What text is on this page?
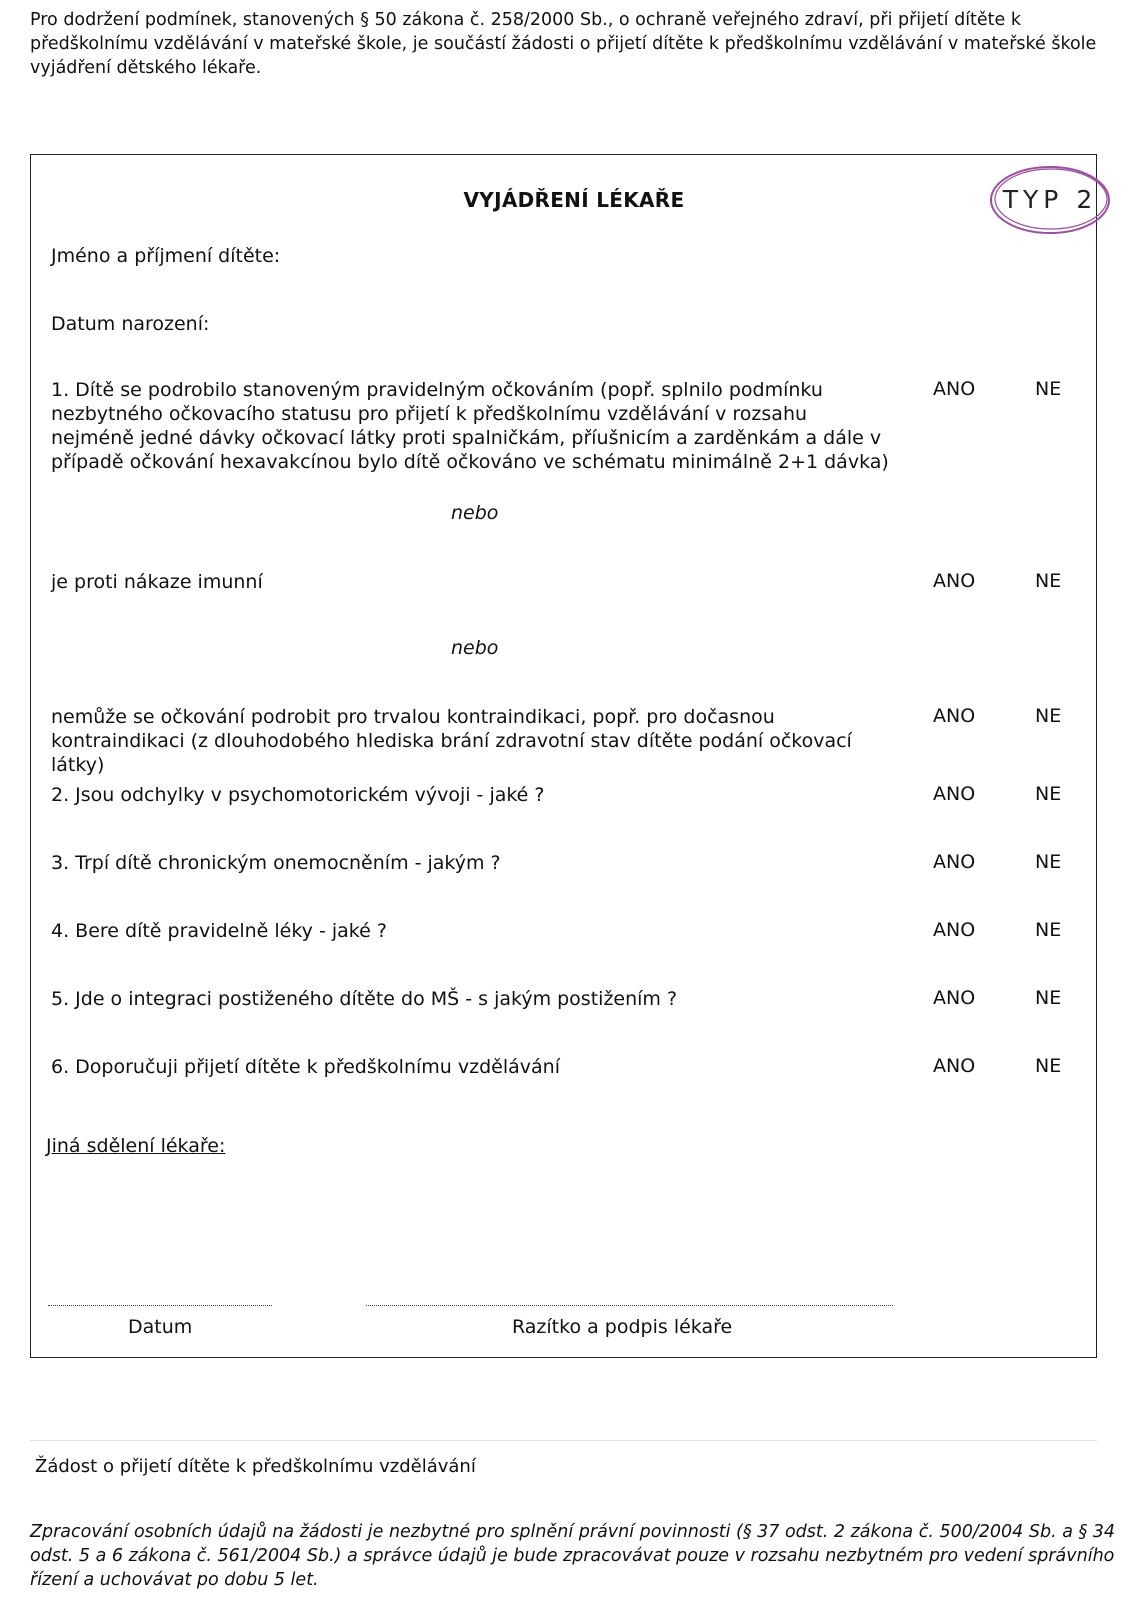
Pro dodržení podmínek, stanovených § 50 zákona č. 258/2000 Sb., o ochraně veřejného zdraví, při přijetí dítěte k předškolnímu vzdělávání v mateřské škole, je součástí žádosti o přijetí dítěte k předškolnímu vzdělávání v mateřské škole vyjádření dětského lékaře.
VYJÁDŘENÍ LÉKAŘE	TYP 2
Jméno a příjmení dítěte:
Datum narození:
1. Dítě se podrobilo stanoveným pravidelným očkováním (popř. splnilo podmínku nezbytného očkovacího statusu pro přijetí k předškolnímu vzdělávání v rozsahu nejméně jedné dávky očkovací látky proti spalničkám, příušnicím a zarděnkám a dále v případě očkování hexavakcínou bylo dítě očkováno ve schématu minimálně 2+1 dávka)
ANO	NE
nebo
je proti nákaze imunní	ANO	NE
nebo
nemůže se očkování podrobit pro trvalou kontraindikaci, popř. pro dočasnou kontraindikaci (z dlouhodobého hlediska brání zdravotní stav dítěte podání očkovací látky)
ANO	NE
2. Jsou odchylky v psychomotorickém vývoji - jaké ?	ANO	NE
3. Trpí dítě chronickým onemocněním - jakým ?	ANO	NE
4. Bere dítě pravidelně léky - jaké ?	ANO	NE
5. Jde o integraci postiženého dítěte do MŠ - s jakým postižením ?	ANO	NE
6. Doporučuji přijetí dítěte k předškolnímu vzdělávání	ANO	NE
Jiná sdělení lékaře:
Datum	Razítko a podpis lékaře
Žádost o přijetí dítěte k předškolnímu vzdělávání
Zpracování osobních údajů na žádosti je nezbytné pro splnění právní povinnosti (§ 37 odst. 2 zákona č. 500/2004 Sb. a § 34 odst. 5 a 6 zákona č. 561/2004 Sb.) a správce údajů je bude zpracovávat pouze v rozsahu nezbytném pro vedení správního řízení a uchovávat po dobu 5 let.
